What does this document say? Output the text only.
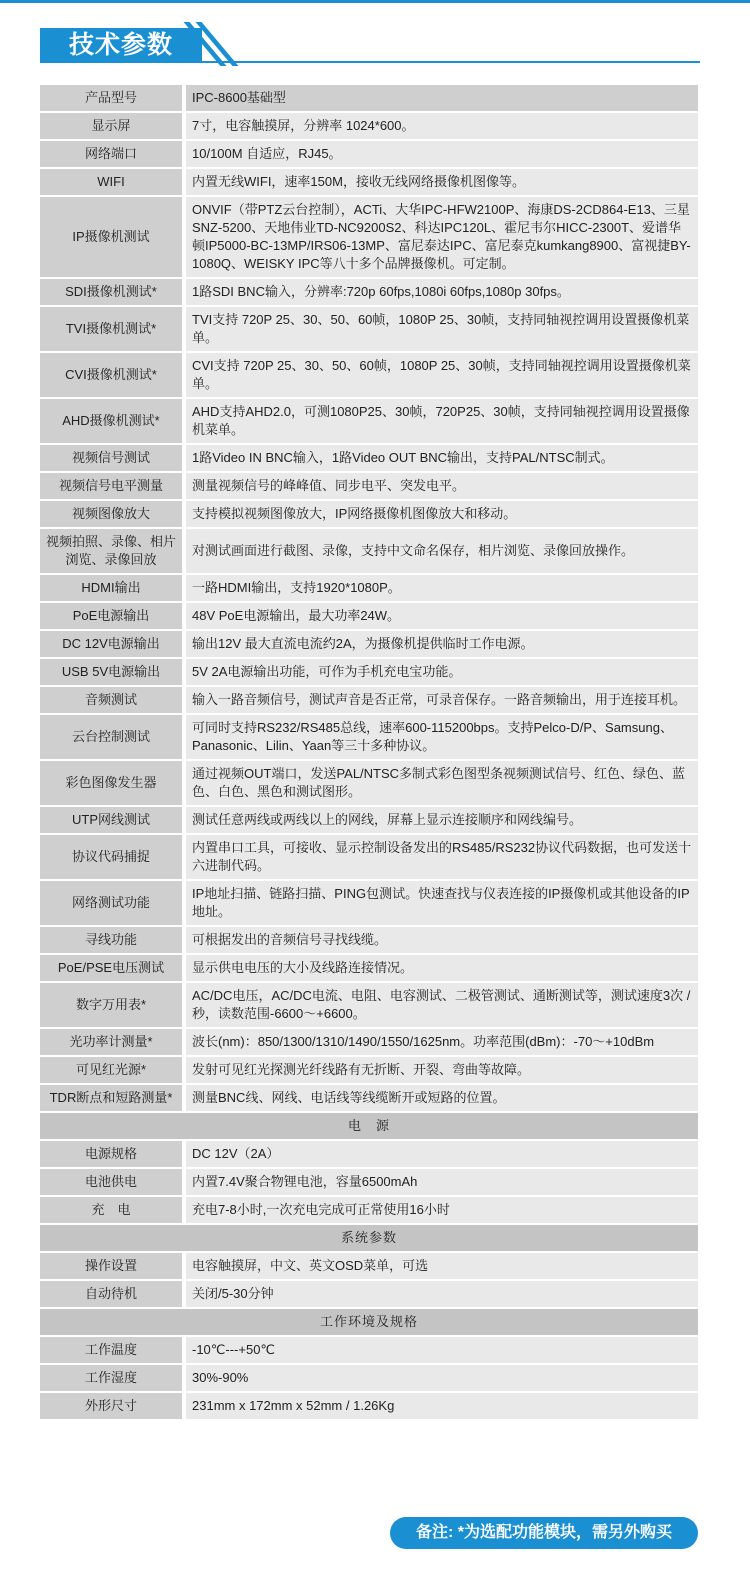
技术参数
产品型号	IPC-8600基础型
显示屏	7寸，电容触摸屏，分辨率 1024*600。
网络端口	10/100M 自适应，RJ45。
WIFI	内置无线WIFI，速率150M，接收无线网络摄像机图像等。
IP摄像机测试	ONVIF（带PTZ云台控制），ACTi、大华IPC-HFW2100P、海康DS-2CD864-E13、三星SNZ-5200、天地伟业TD-NC9200S2、科达IPC120L、霍尼韦尔HICC-2300T、爱谱华顿IP5000-BC-13MP/IRS06-13MP、富尼泰达IPC、富尼泰克kumkang8900、富视捷BY-1080Q、WEISKY IPC等八十多个品牌摄像机。可定制。
SDI摄像机测试*	1路SDI BNC输入，分辨率:720p 60fps,1080i 60fps,1080p 30fps。
TVI摄像机测试*	TVI支持 720P 25、30、50、60帧，1080P 25、30帧，支持同轴视控调用设置摄像机菜单。
CVI摄像机测试*	CVI支持 720P 25、30、50、60帧，1080P 25、30帧，支持同轴视控调用设置摄像机菜单。
AHD摄像机测试*	AHD支持AHD2.0，可测1080P25、30帧，720P25、30帧，支持同轴视控调用设置摄像机菜单。
视频信号测试	1路Video IN BNC输入，1路Video OUT BNC输出，支持PAL/NTSC制式。
视频信号电平测量	测量视频信号的峰峰值、同步电平、突发电平。
视频图像放大	支持模拟视频图像放大，IP网络摄像机图像放大和移动。
视频拍照、录像、相片浏览、录像回放	对测试画面进行截图、录像，支持中文命名保存，相片浏览、录像回放操作。
HDMI输出	一路HDMI输出，支持1920*1080P。
PoE电源输出	48V PoE电源输出，最大功率24W。
DC 12V电源输出	输出12V 最大直流电流约2A，为摄像机提供临时工作电源。
USB 5V电源输出	5V 2A电源输出功能，可作为手机充电宝功能。
音频测试	输入一路音频信号，测试声音是否正常，可录音保存。一路音频输出，用于连接耳机。
云台控制测试	可同时支持RS232/RS485总线，速率600-115200bps。支持Pelco-D/P、Samsung、Panasonic、Lilin、Yaan等三十多种协议。
彩色图像发生器	通过视频OUT端口，发送PAL/NTSC多制式彩色图型条视频测试信号、红色、绿色、蓝色、白色、黑色和测试图形。
UTP网线测试	测试任意两线或两线以上的网线，屏幕上显示连接顺序和网线编号。
协议代码捕捉	内置串口工具，可接收、显示控制设备发出的RS485/RS232协议代码数据，也可发送十六进制代码。
网络测试功能	IP地址扫描、链路扫描、PING包测试。快速查找与仪表连接的IP摄像机或其他设备的IP地址。
寻线功能	可根据发出的音频信号寻找线缆。
PoE/PSE电压测试	显示供电电压的大小及线路连接情况。
数字万用表*	AC/DC电压，AC/DC电流、电阻、电容测试、二极管测试、通断测试等，测试速度3次 / 秒，读数范围-6600～+6600。
光功率计测量*	波长(nm)：850/1300/1310/1490/1550/1625nm。功率范围(dBm)：-70～+10dBm
可见红光源*	发射可见红光探测光纤线路有无折断、开裂、弯曲等故障。
TDR断点和短路测量*	测量BNC线、网线、电话线等线缆断开或短路的位置。
电　源	
电源规格	DC 12V（2A）
电池供电	内置7.4V聚合物锂电池，容量6500mAh
充　电	充电7-8小时,一次充电完成可正常使用16小时
系统参数	
操作设置	电容触摸屏，中文、英文OSD菜单，可选
自动待机	关闭/5-30分钟
工作环境及规格	
工作温度	-10℃---+50℃
工作湿度	30%-90%
外形尺寸	231mm x 172mm x 52mm / 1.26Kg
备注: *为选配功能模块，需另外购买
